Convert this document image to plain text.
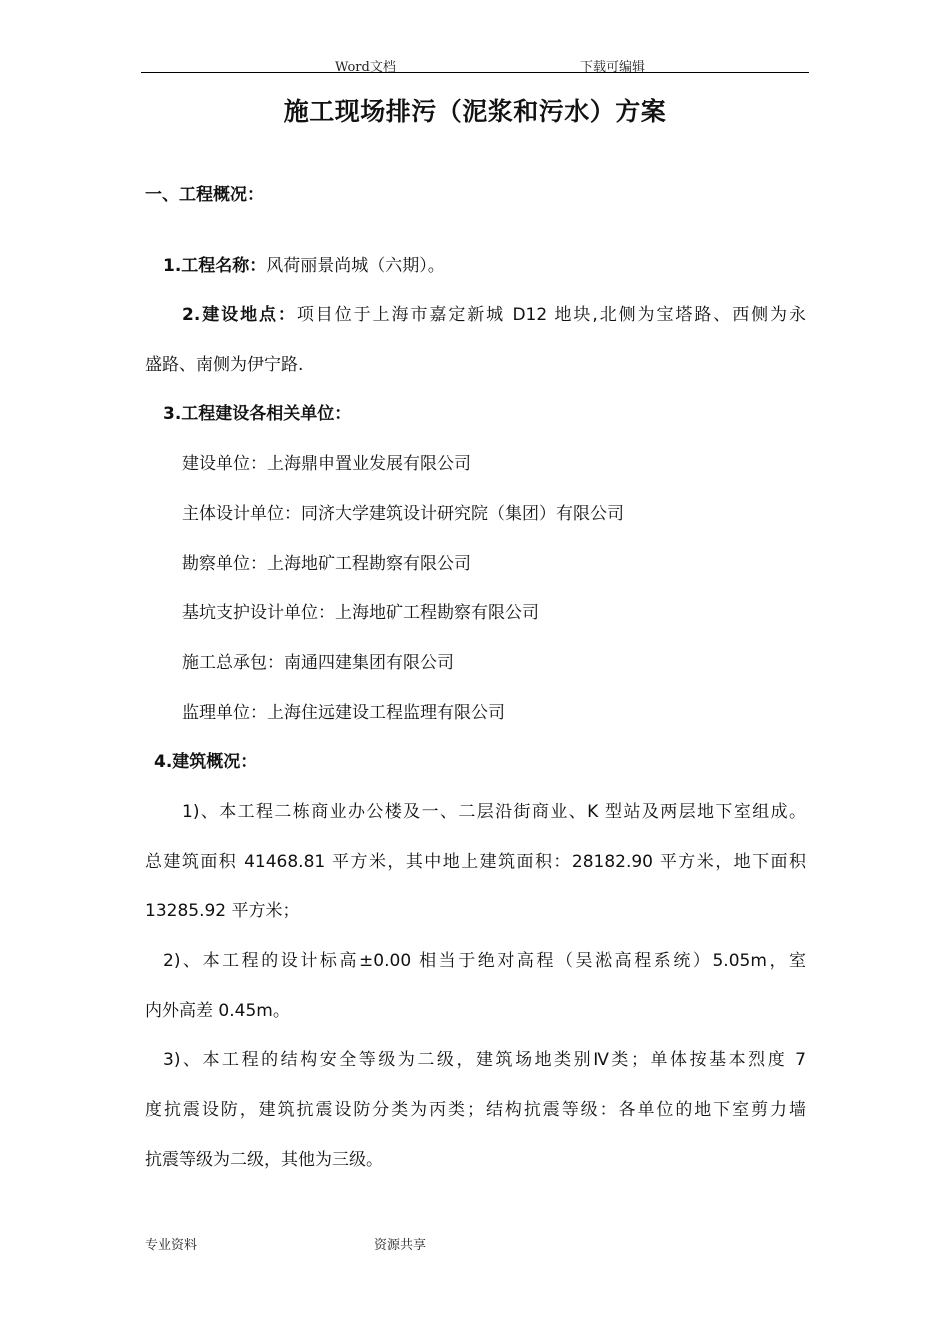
Word文档	下载可编辑
施工现场排污（泥浆和污水）方案
一、工程概况：
1.工程名称：风荷丽景尚城（六期）。
2.建设地点：项目位于上海市嘉定新城 D12 地块,北侧为宝塔路、西侧为永
盛路、南侧为伊宁路.
3.工程建设各相关单位：
建设单位：上海鼎申置业发展有限公司
主体设计单位：同济大学建筑设计研究院（集团）有限公司
勘察单位：上海地矿工程勘察有限公司
基坑支护设计单位：上海地矿工程勘察有限公司
施工总承包：南通四建集团有限公司
监理单位：上海住远建设工程监理有限公司
4.建筑概况：
1)、本工程二栋商业办公楼及一、二层沿街商业、K 型站及两层地下室组成。
总建筑面积 41468.81 平方米，其中地上建筑面积：28182.90 平方米，地下面积
13285.92 平方米；
2)、本工程的设计标高±0.00 相当于绝对高程（吴淞高程系统）5.05m，室
内外高差 0.45m。
3)、本工程的结构安全等级为二级，建筑场地类别Ⅳ类；单体按基本烈度 7
度抗震设防，建筑抗震设防分类为丙类；结构抗震等级：各单位的地下室剪力墙
抗震等级为二级，其他为三级。
专业资料	资源共享
